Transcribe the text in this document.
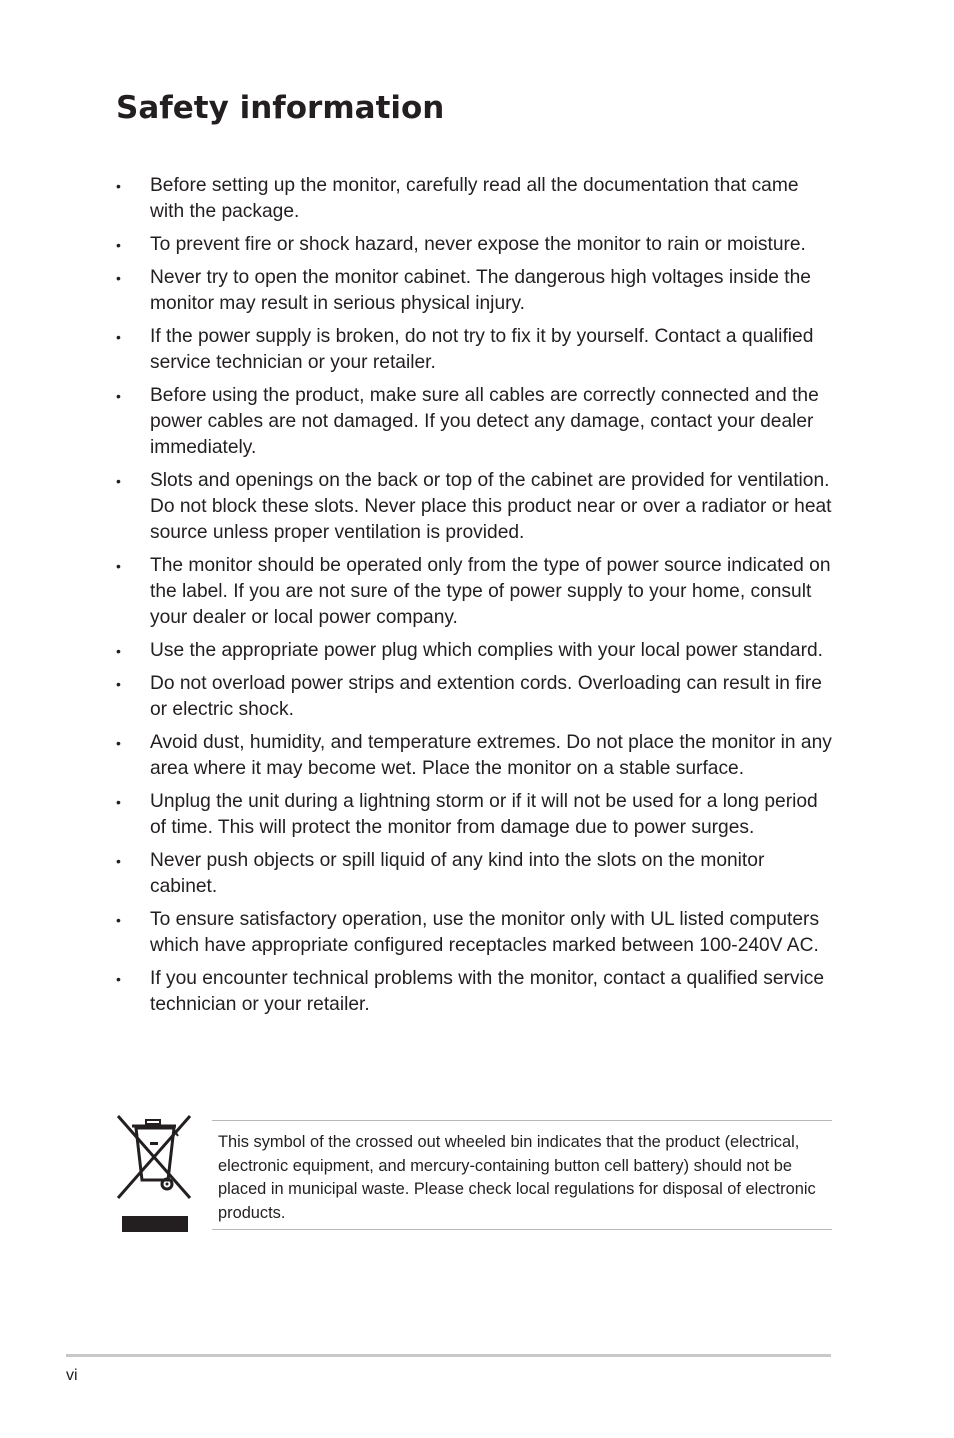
Safety information
• Before setting up the monitor, carefully read all the documentation that came with the package.
• To prevent fire or shock hazard, never expose the monitor to rain or moisture.
• Never try to open the monitor cabinet. The dangerous high voltages inside the monitor may result in serious physical injury.
• If the power supply is broken, do not try to fix it by yourself. Contact a qualified service technician or your retailer.
• Before using the product, make sure all cables are correctly connected and the power cables are not damaged. If you detect any damage, contact your dealer immediately.
• Slots and openings on the back or top of the cabinet are provided for ventilation. Do not block these slots. Never place this product near or over a radiator or heat source unless proper ventilation is provided.
• The monitor should be operated only from the type of power source indicated on the label. If you are not sure of the type of power supply to your home, consult your dealer or local power company.
• Use the appropriate power plug which complies with your local power standard.
• Do not overload power strips and extention cords. Overloading can result in fire or electric shock.
• Avoid dust, humidity, and temperature extremes. Do not place the monitor in any area where it may become wet. Place the monitor on a stable surface.
• Unplug the unit during a lightning storm or if it will not be used for a long period of time. This will protect the monitor from damage due to power surges.
• Never push objects or spill liquid of any kind into the slots on the monitor cabinet.
• To ensure satisfactory operation, use the monitor only with UL listed computers which have appropriate configured receptacles marked between 100-240V AC.
• If you encounter technical problems with the monitor, contact a qualified service technician or your retailer.
This symbol of the crossed out wheeled bin indicates that the product (electrical, electronic equipment, and mercury-containing button cell battery) should not be placed in municipal waste. Please check local regulations for disposal of electronic products.
vi
